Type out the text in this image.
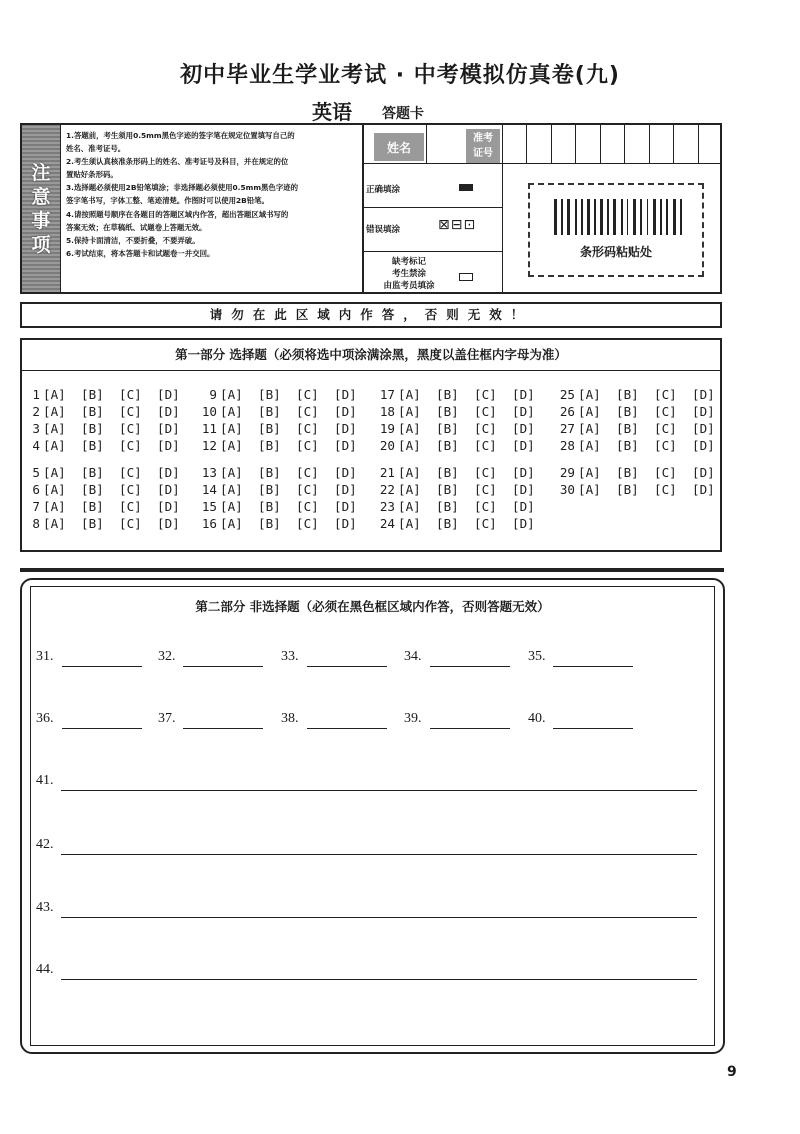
初中毕业生学业考试 · 中考模拟仿真卷(九)
英语 答题卡
注
意
事
项
1.答题前，考生须用0.5mm黑色字迹的签字笔在规定位置填写自己的
姓名、准考证号。
2.考生须认真核准条形码上的姓名、准考证号及科目，并在规定的位
置贴好条形码。
3.选择题必须使用2B铅笔填涂；非选择题必须使用0.5mm黑色字迹的
签字笔书写，字体工整、笔迹清楚。作图时可以使用2B铅笔。
4.请按照题号顺序在各题目的答题区域内作答，超出答题区域书写的
答案无效；在草稿纸、试题卷上答题无效。
5.保持卡面清洁，不要折叠，不要弄破。
6.考试结束，将本答题卡和试题卷一并交回。
姓名
准考
证号
正确填涂
错误填涂	⊠⊟⊡
缺考标记
考生禁涂
由监考员填涂
条形码粘贴处
请勿在此区域内作答，否则无效！
第一部分 选择题（必须将选中项涂满涂黑，黑度以盖住框内字母为准）
1 [A] [B] [C] [D]
2 [A] [B] [C] [D]
3 [A] [B] [C] [D]
4 [A] [B] [C] [D]
5 [A] [B] [C] [D]
6 [A] [B] [C] [D]
7 [A] [B] [C] [D]
8 [A] [B] [C] [D]
9 [A] [B] [C] [D]
10 [A] [B] [C] [D]
11 [A] [B] [C] [D]
12 [A] [B] [C] [D]
13 [A] [B] [C] [D]
14 [A] [B] [C] [D]
15 [A] [B] [C] [D]
16 [A] [B] [C] [D]
17 [A] [B] [C] [D]
18 [A] [B] [C] [D]
19 [A] [B] [C] [D]
20 [A] [B] [C] [D]
21 [A] [B] [C] [D]
22 [A] [B] [C] [D]
23 [A] [B] [C] [D]
24 [A] [B] [C] [D]
25 [A] [B] [C] [D]
26 [A] [B] [C] [D]
27 [A] [B] [C] [D]
28 [A] [B] [C] [D]
29 [A] [B] [C] [D]
30 [A] [B] [C] [D]
第二部分 非选择题（必须在黑色框区域内作答，否则答题无效）
31.	32.	33.	34.	35.
36.	37.	38.	39.	40.
41.
42.
43.
44.
9
